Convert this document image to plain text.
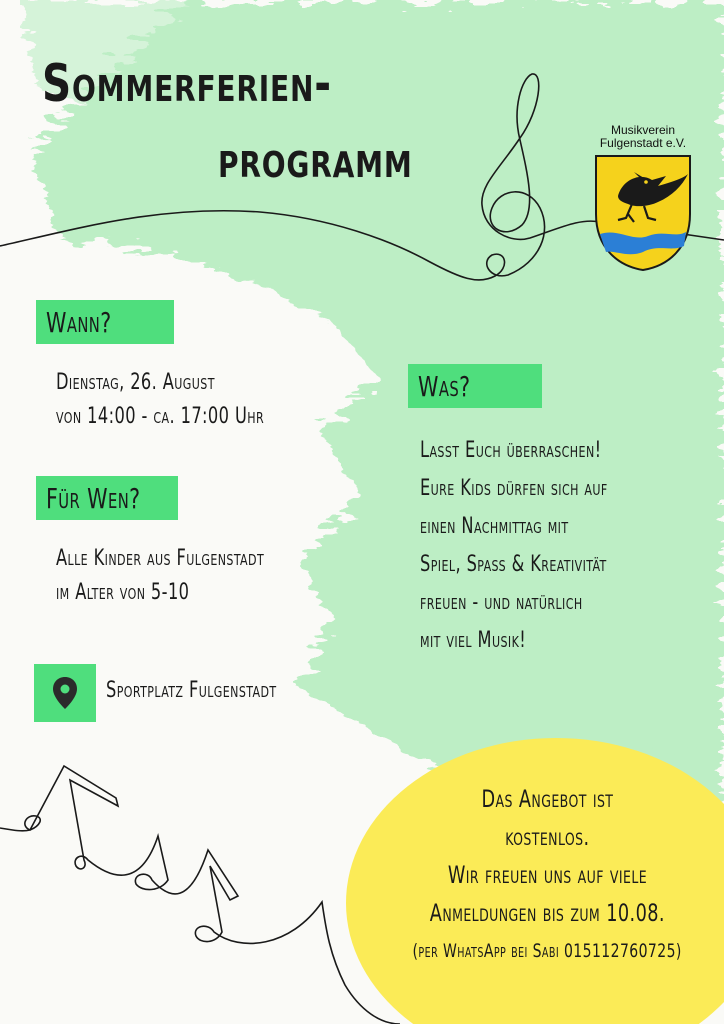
Sommerferien-
programm	Musikverein
Fulgenstadt e.V.
Wann?
Dienstag, 26. August
von 14:00 - ca. 17:00 Uhr
Für Wen?
Alle Kinder aus Fulgenstadt
im Alter von 5-10
Sportplatz Fulgenstadt
Was?
Lasst Euch überraschen!
Eure Kids dürfen sich auf
einen Nachmittag mit
Spiel, Spaß & Kreativität
freuen - und natürlich
mit viel Musik!
Das Angebot ist
kostenlos.
Wir freuen uns auf viele
Anmeldungen bis zum 10.08.
(per WhatsApp bei Sabi 015112760725)
